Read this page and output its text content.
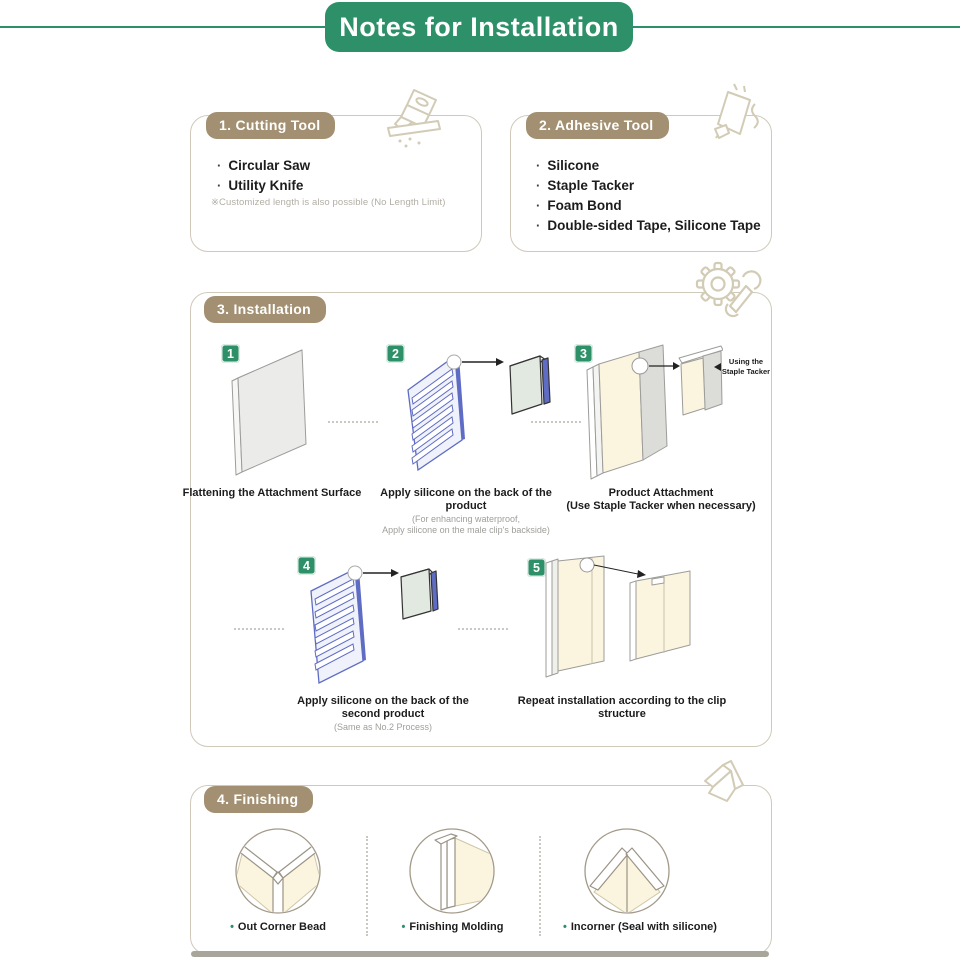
Notes for Installation
1. Cutting Tool
· Circular Saw
· Utility Knife
※Customized length is also possible (No Length Limit)
2. Adhesive Tool
· Silicone
· Staple Tacker
· Foam Bond
· Double-sided Tape, Silicone Tape
3. Installation
1	2	3
4	5
Using the
Staple Tacker
Flattening the Attachment Surface	Apply silicone on the back of the product
(For enhancing waterproof,
Apply silicone on the male clip's backside)
Product Attachment
(Use Staple Tacker when necessary)
Apply silicone on the back of the second product
(Same as No.2 Process)
Repeat installation according to the clip structure
4. Finishing
• Out Corner Bead	• Finishing Molding	• Incorner (Seal with silicone)
